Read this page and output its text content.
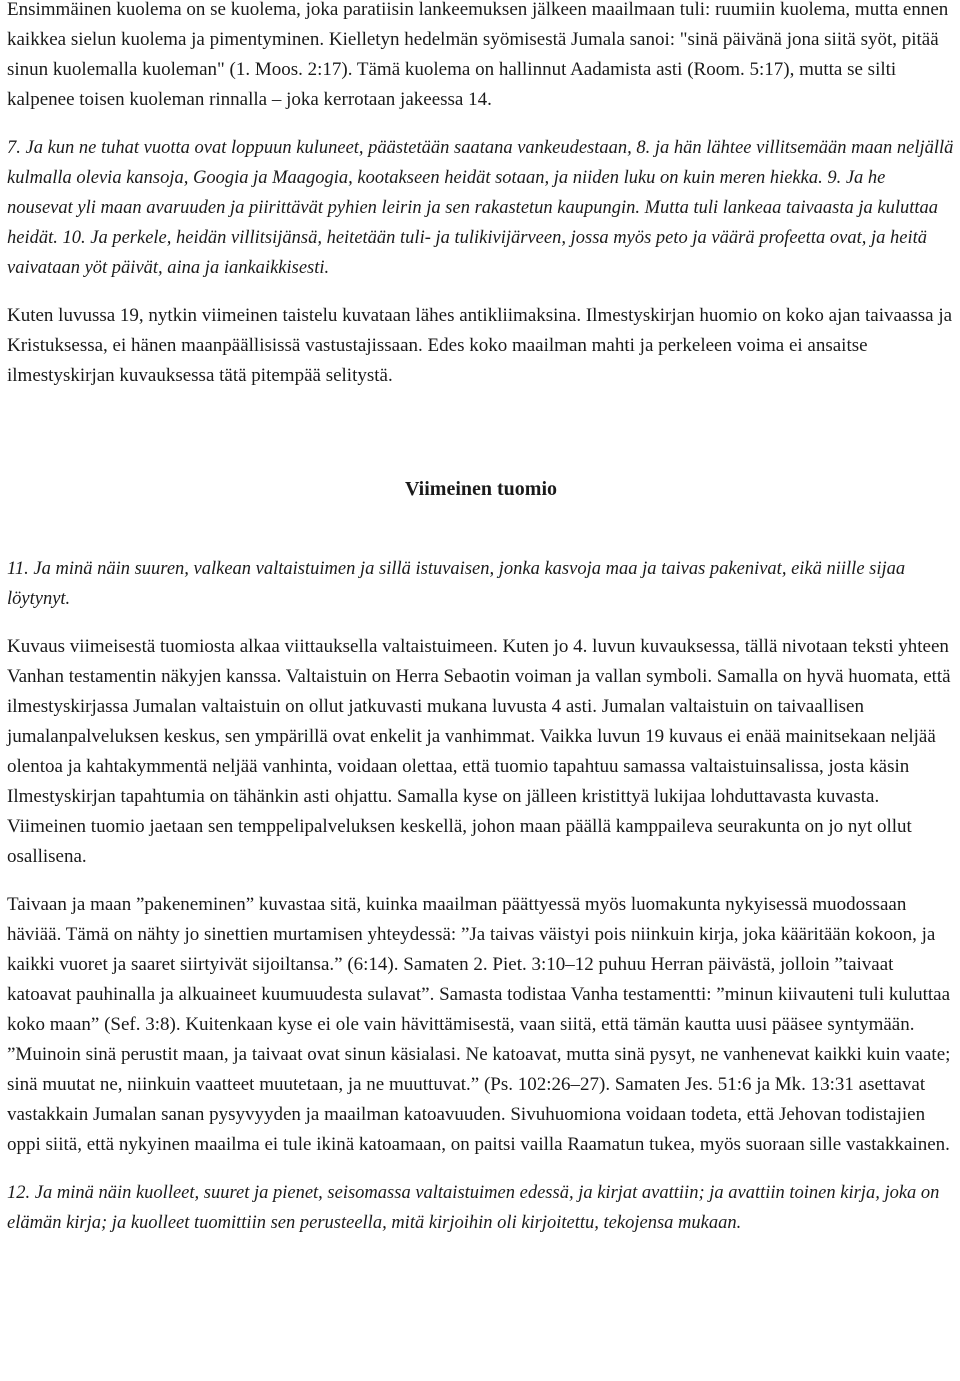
Ensimmäinen kuolema on se kuolema, joka paratiisin lankeemuksen jälkeen maailmaan tuli: ruumiin kuolema, mutta ennen kaikkea sielun kuolema ja pimentyminen. Kielletyn hedelmän syömisestä Jumala sanoi: "sinä päivänä jona siitä syöt, pitää sinun kuolemalla kuoleman" (1. Moos. 2:17). Tämä kuolema on hallinnut Aadamista asti (Room. 5:17), mutta se silti kalpenee toisen kuoleman rinnalla – joka kerrotaan jakeessa 14.

7. Ja kun ne tuhat vuotta ovat loppuun kuluneet, päästetään saatana vankeudestaan, 8. ja hän lähtee villitsemään maan neljällä kulmalla olevia kansoja, Googia ja Maagogia, kootakseen heidät sotaan, ja niiden luku on kuin meren hiekka. 9. Ja he nousevat yli maan avaruuden ja piirittävät pyhien leirin ja sen rakastetun kaupungin. Mutta tuli lankeaa taivaasta ja kuluttaa heidät. 10. Ja perkele, heidän villitsijänsä, heitetään tuli- ja tulikivijärveen, jossa myös peto ja väärä profeetta ovat, ja heitä vaivataan yöt päivät, aina ja iankaikkisesti.

Kuten luvussa 19, nytkin viimeinen taistelu kuvataan lähes antikliimaksina. Ilmestyskirjan huomio on koko ajan taivaassa ja Kristuksessa, ei hänen maanpäällisissä vastustajissaan. Edes koko maailman mahti ja perkeleen voima ei ansaitse ilmestyskirjan kuvauksessa tätä pitempää selitystä.

Viimeinen tuomio

11. Ja minä näin suuren, valkean valtaistuimen ja sillä istuvaisen, jonka kasvoja maa ja taivas pakenivat, eikä niille sijaa löytynyt.

Kuvaus viimeisestä tuomiosta alkaa viittauksella valtaistuimeen. Kuten jo 4. luvun kuvauksessa, tällä nivotaan teksti yhteen Vanhan testamentin näkyjen kanssa. Valtaistuin on Herra Sebaotin voiman ja vallan symboli. Samalla on hyvä huomata, että ilmestyskirjassa Jumalan valtaistuin on ollut jatkuvasti mukana luvusta 4 asti. Jumalan valtaistuin on taivaallisen jumalanpalveluksen keskus, sen ympärillä ovat enkelit ja vanhimmat. Vaikka luvun 19 kuvaus ei enää mainitsekaan neljää olentoa ja kahtakymmentä neljää vanhinta, voidaan olettaa, että tuomio tapahtuu samassa valtaistuinsalissa, josta käsin Ilmestyskirjan tapahtumia on tähänkin asti ohjattu. Samalla kyse on jälleen kristittyä lukijaa lohduttavasta kuvasta. Viimeinen tuomio jaetaan sen temppelipalveluksen keskellä, johon maan päällä kamppaileva seurakunta on jo nyt ollut osallisena.

Taivaan ja maan ”pakeneminen” kuvastaa sitä, kuinka maailman päättyessä myös luomakunta nykyisessä muodossaan häviää. Tämä on nähty jo sinettien murtamisen yhteydessä: ”Ja taivas väistyi pois niinkuin kirja, joka kääritään kokoon, ja kaikki vuoret ja saaret siirtyivät sijoiltansa.” (6:14). Samaten 2. Piet. 3:10–12 puhuu Herran päivästä, jolloin ”taivaat katoavat pauhinalla ja alkuaineet kuumuudesta sulavat”. Samasta todistaa Vanha testamentti: ”minun kiivauteni tuli kuluttaa koko maan” (Sef. 3:8). Kuitenkaan kyse ei ole vain hävittämisestä, vaan siitä, että tämän kautta uusi pääsee syntymään. ”Muinoin sinä perustit maan, ja taivaat ovat sinun käsialasi. Ne katoavat, mutta sinä pysyt, ne vanhenevat kaikki kuin vaate; sinä muutat ne, niinkuin vaatteet muutetaan, ja ne muuttuvat.” (Ps. 102:26–27). Samaten Jes. 51:6 ja Mk. 13:31 asettavat vastakkain Jumalan sanan pysyvyyden ja maailman katoavuuden. Sivuhuomiona voidaan todeta, että Jehovan todistajien oppi siitä, että nykyinen maailma ei tule ikinä katoamaan, on paitsi vailla Raamatun tukea, myös suoraan sille vastakkainen.

12. Ja minä näin kuolleet, suuret ja pienet, seisomassa valtaistuimen edessä, ja kirjat avattiin; ja avattiin toinen kirja, joka on elämän kirja; ja kuolleet tuomittiin sen perusteella, mitä kirjoihin oli kirjoitettu, tekojensa mukaan.
